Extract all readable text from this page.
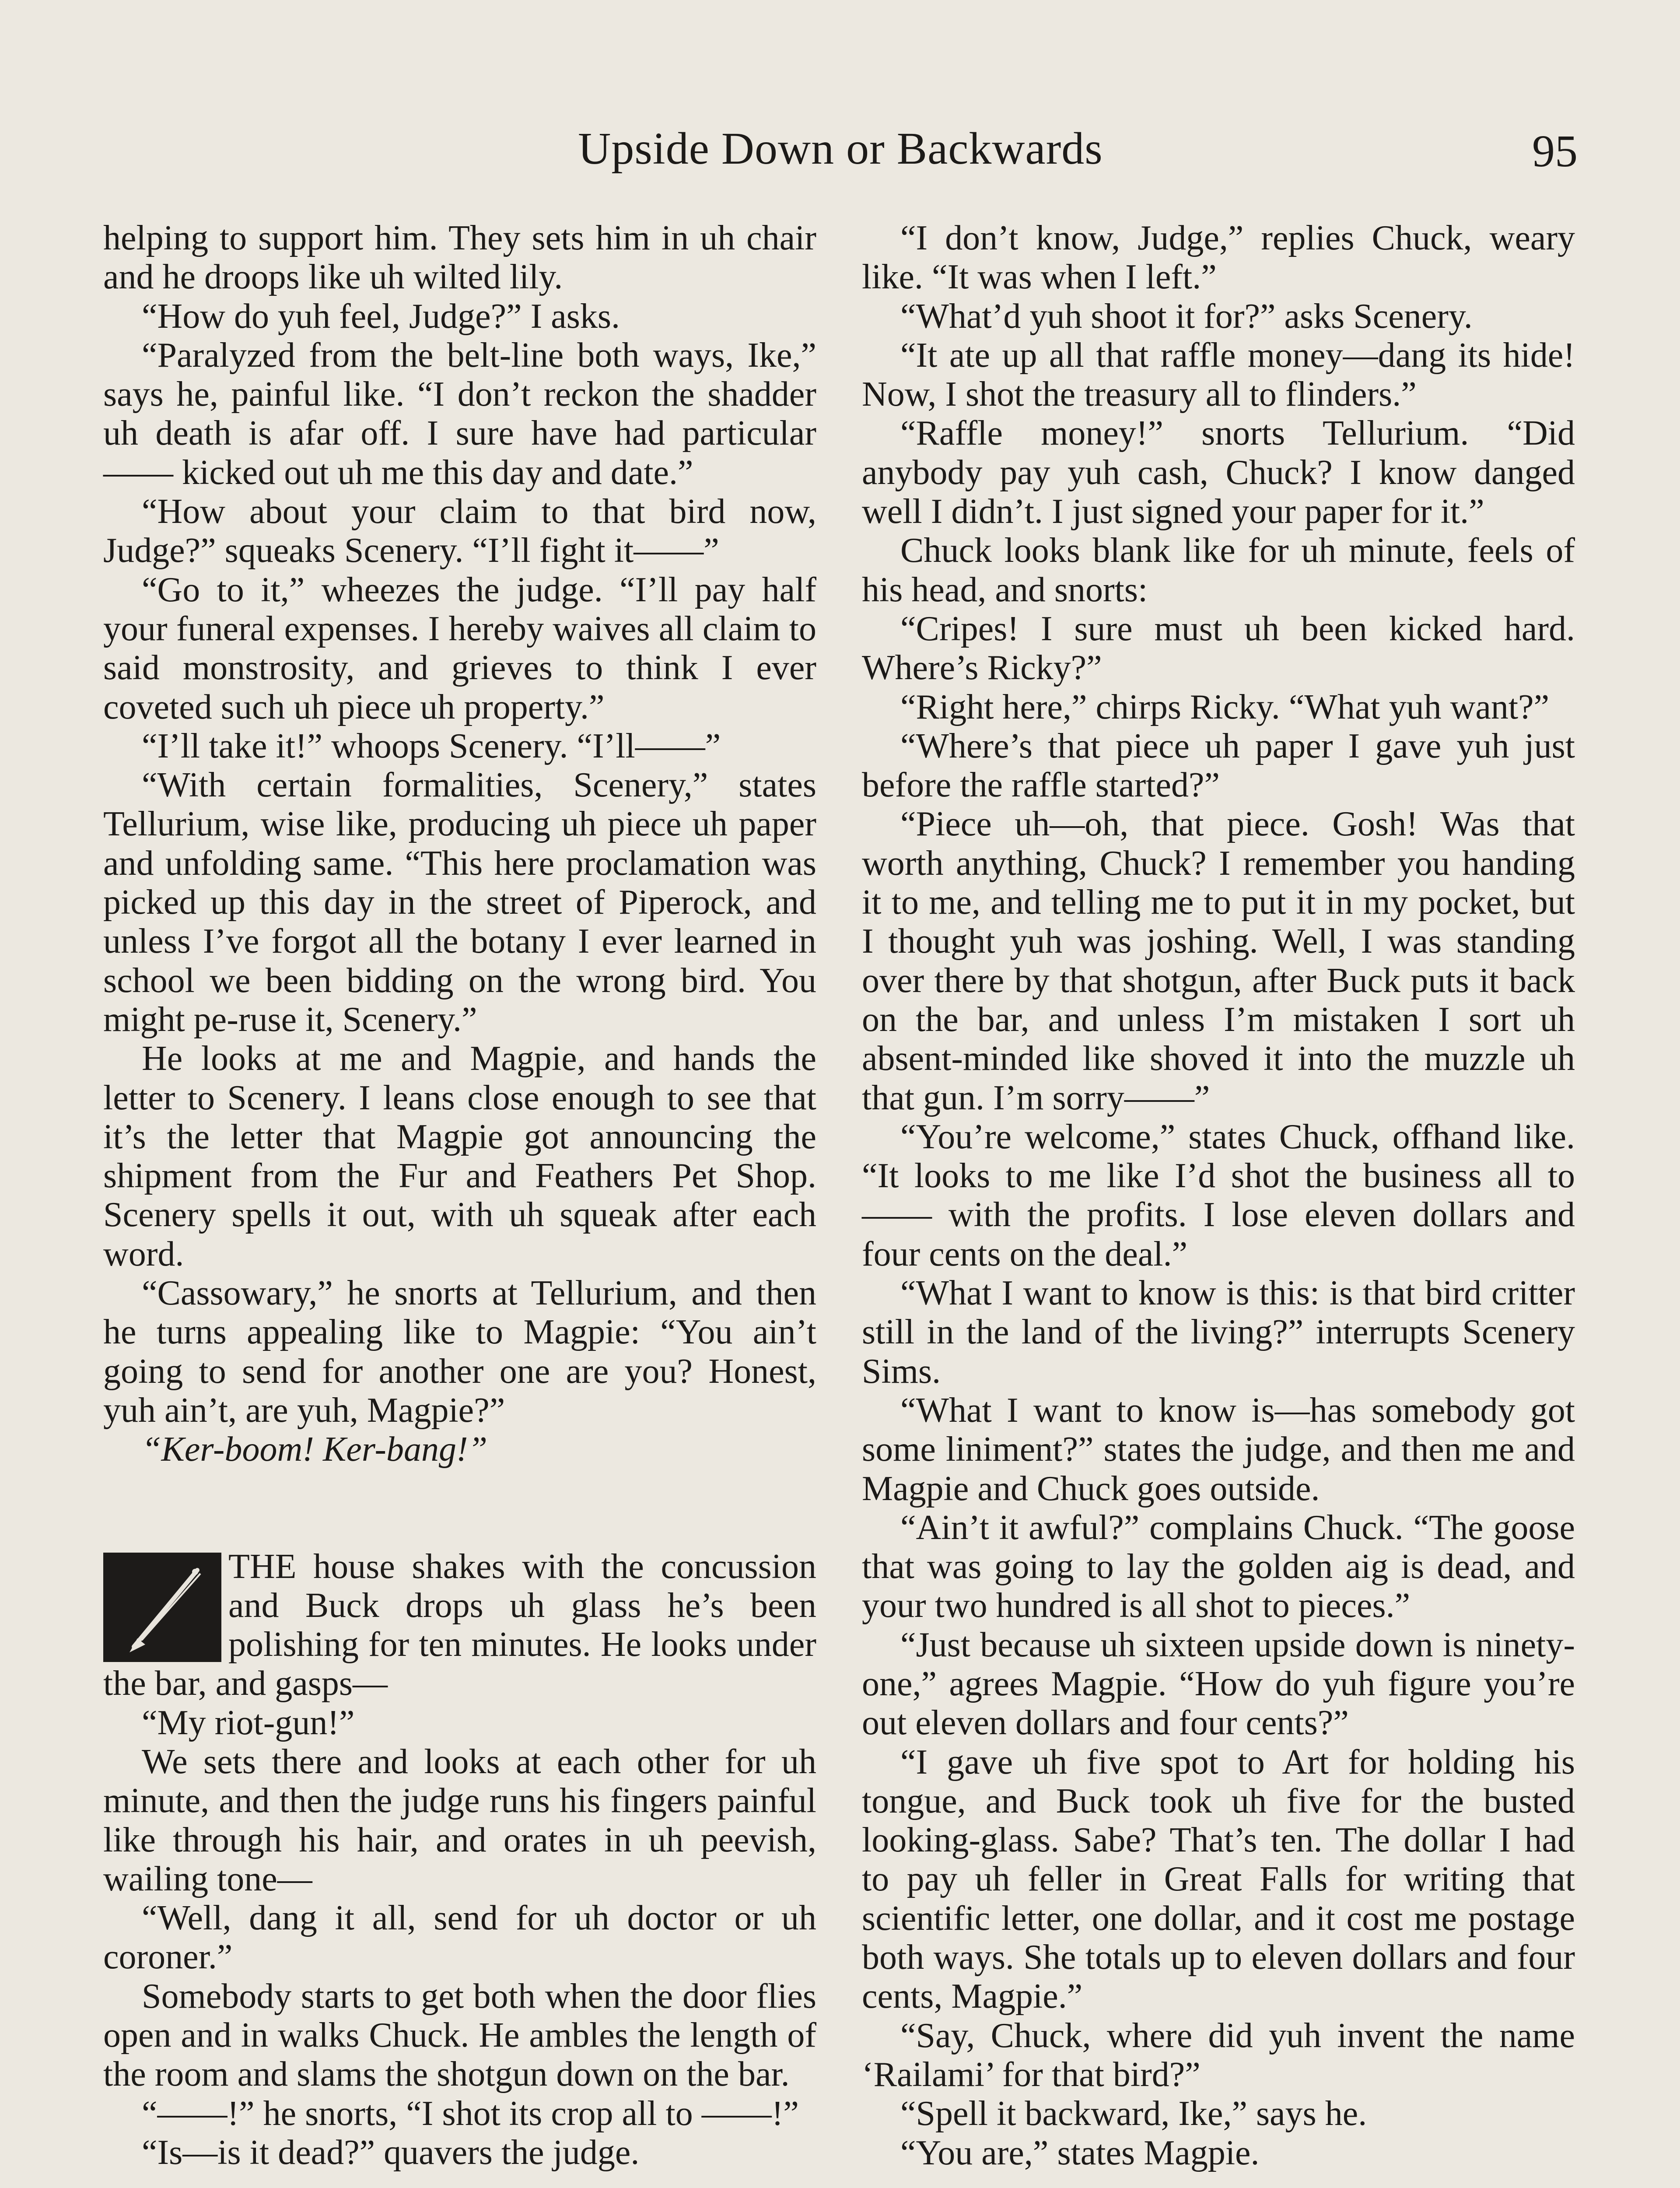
Upside Down or Backwards	95

helping to support him. They sets him in uh chair and he droops like uh wilted lily.

“How do yuh feel, Judge?” I asks.

“Paralyzed from the belt-line both ways, Ike,” says he, painful like. “I don’t reckon the shadder uh death is afar off. I sure have had particular —— kicked out uh me this day and date.”

“How about your claim to that bird now, Judge?” squeaks Scenery. “I’ll fight it——”

“Go to it,” wheezes the judge. “I’ll pay half your funeral expenses. I hereby waives all claim to said monstrosity, and grieves to think I ever coveted such uh piece uh property.”

“I’ll take it!” whoops Scenery. “I’ll——”

“With certain formalities, Scenery,” states Tellurium, wise like, producing uh piece uh paper and unfolding same. “This here proclamation was picked up this day in the street of Piperock, and unless I’ve forgot all the botany I ever learned in school we been bidding on the wrong bird. You might pe-ruse it, Scenery.”

He looks at me and Magpie, and hands the letter to Scenery. I leans close enough to see that it’s the letter that Magpie got announcing the shipment from the Fur and Feathers Pet Shop. Scenery spells it out, with uh squeak after each word.

“Cassowary,” he snorts at Tellurium, and then he turns appealing like to Magpie: “You ain’t going to send for another one are you? Honest, yuh ain’t, are yuh, Magpie?”

“Ker-boom! Ker-bang!”

THE house shakes with the concussion and Buck drops uh glass he’s been polishing for ten minutes. He looks under the bar, and gasps—

“My riot-gun!”

We sets there and looks at each other for uh minute, and then the judge runs his fingers painful like through his hair, and orates in uh peevish, wailing tone—

“Well, dang it all, send for uh doctor or uh coroner.”

Somebody starts to get both when the door flies open and in walks Chuck. He ambles the length of the room and slams the shotgun down on the bar.

“——!” he snorts, “I shot its crop all to ——!”

“Is—is it dead?” quavers the judge.

“I don’t know, Judge,” replies Chuck, weary like. “It was when I left.”

“What’d yuh shoot it for?” asks Scenery.

“It ate up all that raffle money—dang its hide! Now, I shot the treasury all to flinders.”

“Raffle money!” snorts Tellurium. “Did anybody pay yuh cash, Chuck? I know danged well I didn’t. I just signed your paper for it.”

Chuck looks blank like for uh minute, feels of his head, and snorts:

“Cripes! I sure must uh been kicked hard. Where’s Ricky?”

“Right here,” chirps Ricky. “What yuh want?”

“Where’s that piece uh paper I gave yuh just before the raffle started?”

“Piece uh—oh, that piece. Gosh! Was that worth anything, Chuck? I remember you handing it to me, and telling me to put it in my pocket, but I thought yuh was joshing. Well, I was standing over there by that shotgun, after Buck puts it back on the bar, and unless I’m mistaken I sort uh absent-minded like shoved it into the muzzle uh that gun. I’m sorry——”

“You’re welcome,” states Chuck, offhand like. “It looks to me like I’d shot the business all to —— with the profits. I lose eleven dollars and four cents on the deal.”

“What I want to know is this: is that bird critter still in the land of the living?” interrupts Scenery Sims.

“What I want to know is—has somebody got some liniment?” states the judge, and then me and Magpie and Chuck goes outside.

“Ain’t it awful?” complains Chuck. “The goose that was going to lay the golden aig is dead, and your two hundred is all shot to pieces.”

“Just because uh sixteen upside down is ninety-one,” agrees Magpie. “How do yuh figure you’re out eleven dollars and four cents?”

“I gave uh five spot to Art for holding his tongue, and Buck took uh five for the busted looking-glass. Sabe? That’s ten. The dollar I had to pay uh feller in Great Falls for writing that scientific letter, one dollar, and it cost me postage both ways. She totals up to eleven dollars and four cents, Magpie.”

“Say, Chuck, where did yuh invent the name ‘Railami’ for that bird?”

“Spell it backward, Ike,” says he.

“You are,” states Magpie.
